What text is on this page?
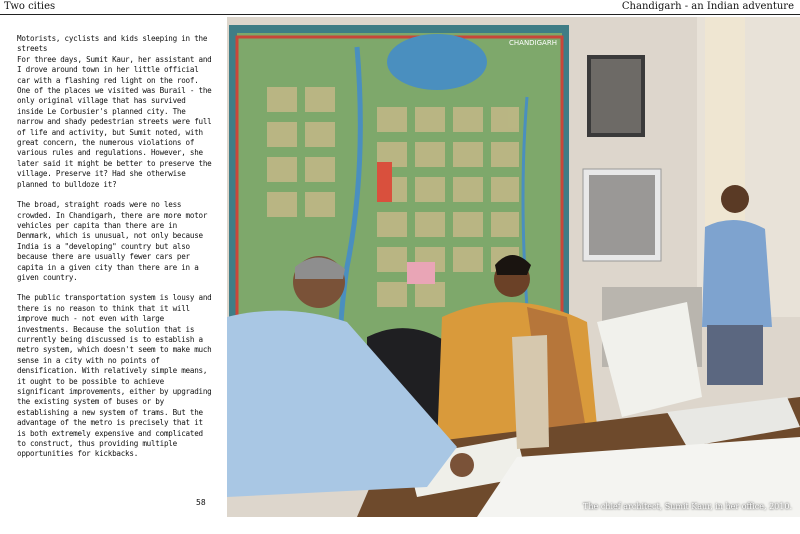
Two cities	Chandigarh - an Indian adventure

Motorists, cyclists and kids sleeping in the streets
For three days, Sumit Kaur, her assistant and I drove around town in her little official car with a flashing red light on the roof. One of the places we visited was Burail - the only original village that has survived inside Le Corbusier's planned city. The narrow and shady pedestrian streets were full of life and activity, but Sumit noted, with great concern, the numerous violations of various rules and regulations. However, she later said it might be better to preserve the village. Preserve it? Had she otherwise planned to bulldoze it?

The broad, straight roads were no less crowded. In Chandigarh, there are more motor vehicles per capita than there are in Denmark, which is unusual, not only because India is a "developing" country but also because there are usually fewer cars per capita in a given city than there are in a given country.

The public transportation system is lousy and there is no reason to think that it will improve much - not even with large investments. Because the solution that is currently being discussed is to establish a metro system, which doesn't seem to make much sense in a city with no points of densification. With relatively simple means, it ought to be possible to achieve significant improvements, either by upgrading the existing system of buses or by establishing a new system of trams. But the advantage of the metro is precisely that it is both extremely expensive and complicated to construct, thus providing multiple opportunities for kickbacks.

58
CHANDIGARH
The chief architect, Sumit Kaur, in her office, 2010.
